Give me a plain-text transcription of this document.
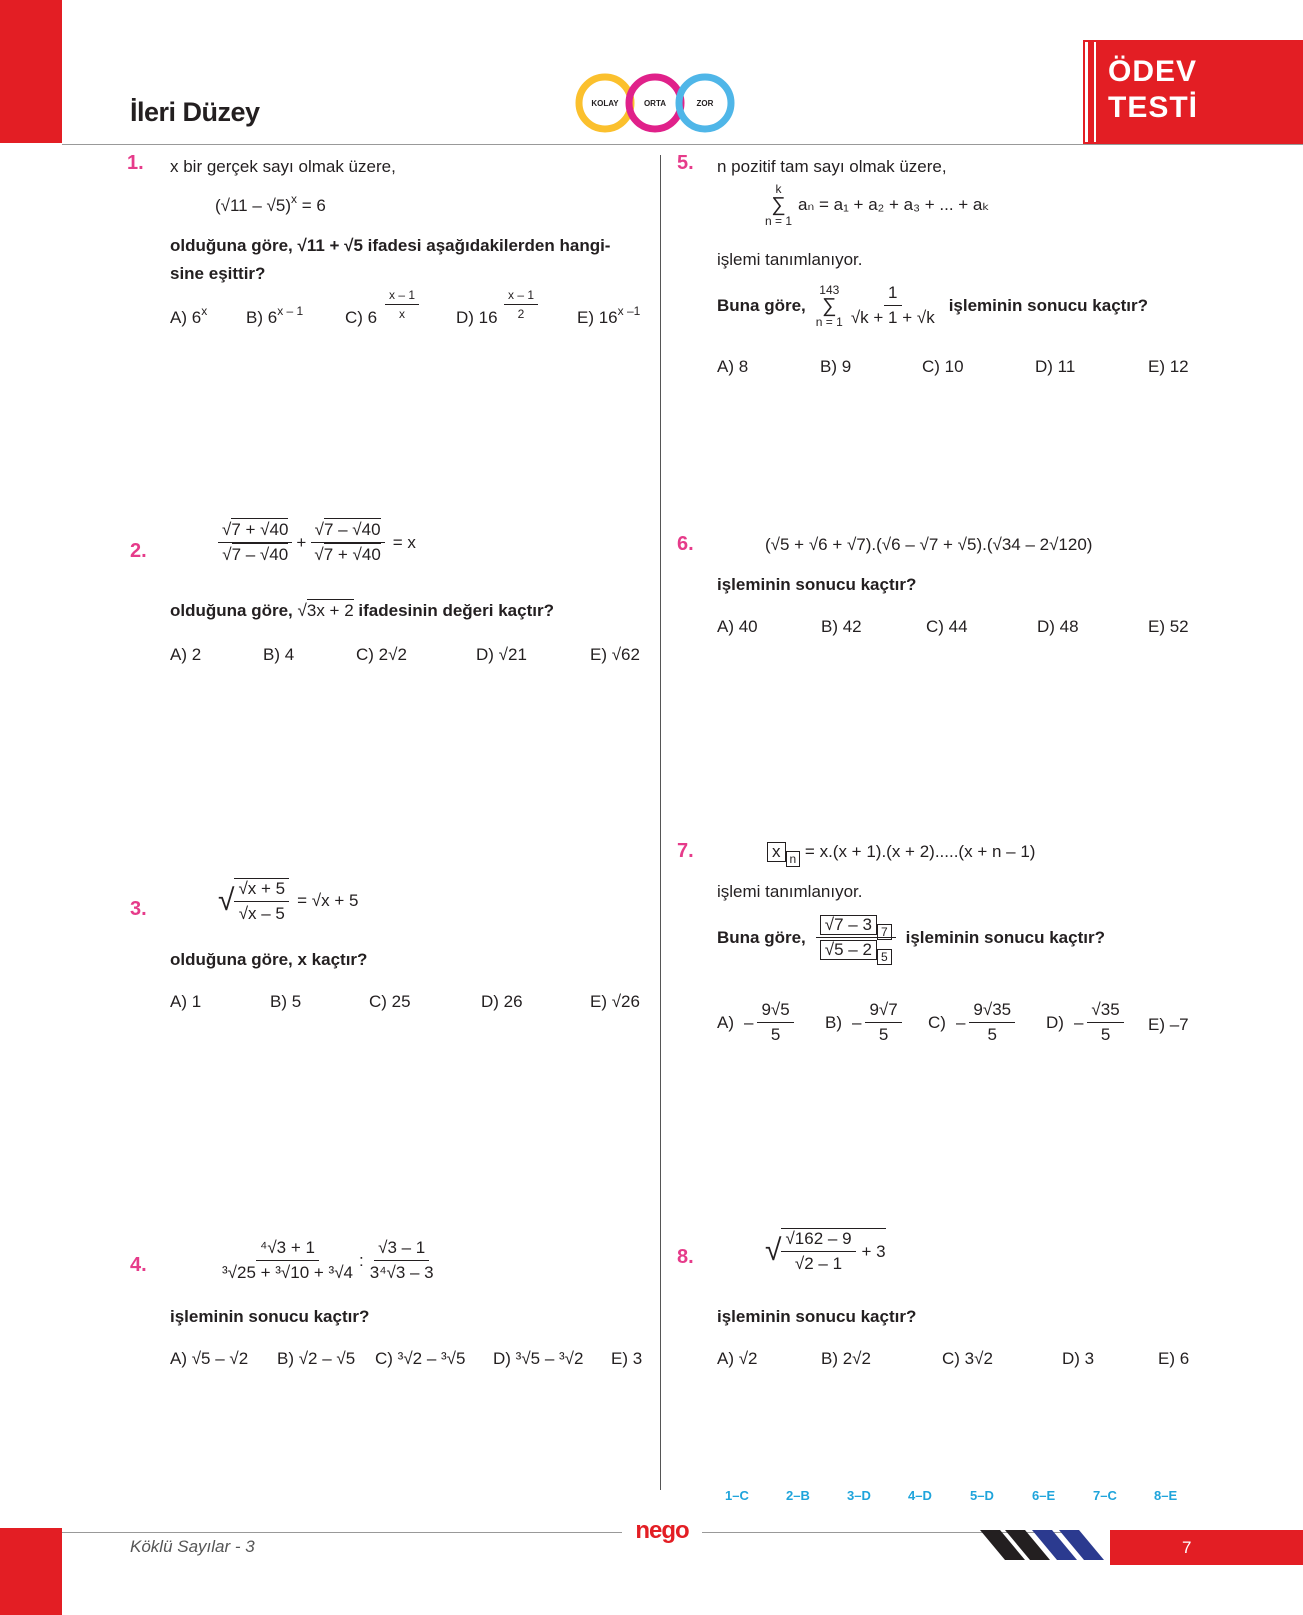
İleri Düzey	KOLAY	ORTA	ZOR
ÖDEV
TESTİ
1. x bir gerçek sayı olmak üzere,
(√11 – √5)$^x$ = 6
olduğuna göre, √11 + √5 ifadesi aşağıdakilerden hangi-
sine eşittir?
A) 6$^x$ B) 6$^{x - 1}$ C) $6 \frac{x - 1}{x} D$) $16 \frac{x - 1}{2} E$) 16$^{x -1}$
2.	$\frac{√7 + √40}{√7 - √40} + \frac{√7 - √40}{√7 + √40} = x$
olduğuna göre, √3x + 2 ifadesinin değeri kaçtır?
A) 2	B) 4	C) 2√2	D) √21	E) √62
3. √ $\frac{√x + 5}{√x - 5} = √x + 5$
olduğuna göre, x kaçtır?
A) 1	B) 5	C) 25	D) 26	E) √26
4.	$\frac{\text{⁴√3 + 1}}{\text{³√25 + ³√10 + ³√4}}$ : $\frac{√3 - 1}{\text{3⁴√3 – 3}}$
işleminin sonucu kaçtır?
A) √5 – √2 B) √2 – √5 C) ³√2 – ³√5 D) ³√5 – ³√2 E) 3
5. n pozitif tam sayı olmak üzere,
k
∑
n = 1
aₙ = a₁ + a₂ + a₃ + ... + aₖ
işlemi tanımlanıyor.
Buna göre,
143
∑
$n = 1 \frac{1}{√k + 1 + √k}$ işleminin sonucu kaçtır?
A) 8	B) 9	C) 10	D) 11	E) 12
6.	(√5 + √6 + √7).(√6 – √7 + √5).(√34 – 2√120)
işleminin sonucu kaçtır?
A) 40	B) 42	C) 44	D) 48	E) 52
7.	x n = x.(x + 1).(x + 2).....(x + n – 1)
işlemi tanımlanıyor.
Buna göre, $\frac{√7 - 3 7}{√5 - 2 5}$ işleminin sonucu kaçtır?
$A) - \frac{9√5}{5} B) - \frac{9√7}{5} C) - \frac{9√35}{5} D) - \frac{√35}{5} E$) –7
8. √ $\frac{√162 - 9}{√2 - 1} + 3$
işleminin sonucu kaçtır?
A) √2	B) 2√2	C) 3√2	D) 3	E) 6
1–C	2–B	3–D	4–D	5–D	6–E	7–C	8–E
Köklü Sayılar - 3
nego
7
